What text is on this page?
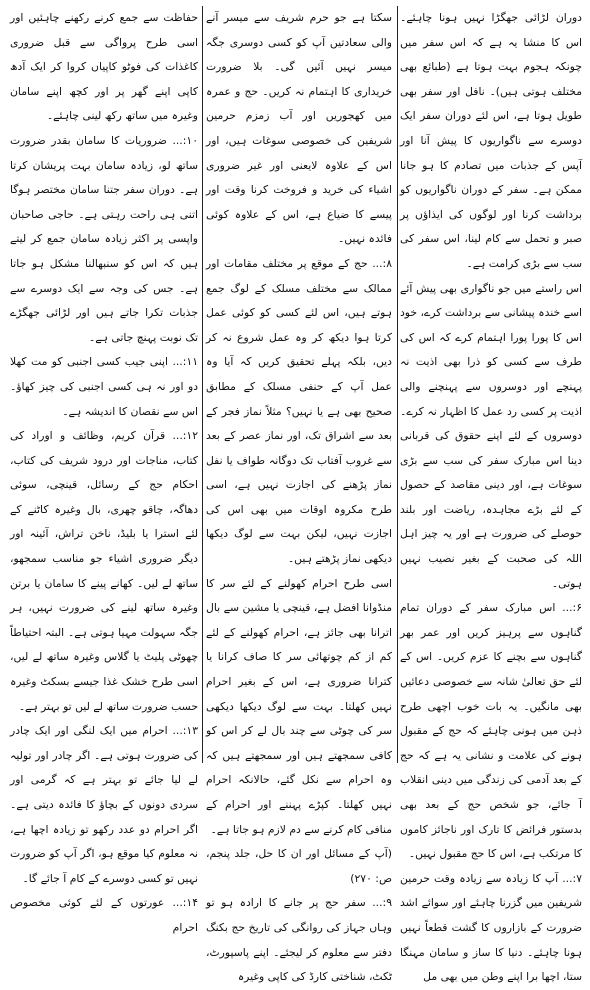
دوران لڑائی جھگڑا نہیں ہونا چاہئے۔ اس کا منشا یہ ہے کہ اس سفر میں چونکہ ہجوم بہت ہوتا ہے (طبائع بھی مختلف ہوتی ہیں)۔ نافل اور سفر بھی طویل ہوتا ہے، اس لئے دوران سفر ایک دوسرے سے ناگواریوں کا پیش آنا اور آپس کے جذبات میں تصادم کا ہو جانا ممکن ہے۔ سفر کے دوران ناگواریوں کو برداشت کرنا اور لوگوں کی ایذاؤں پر صبر و تحمل سے کام لینا، اس سفر کی سب سے بڑی کرامت ہے۔

اس راستے میں جو ناگواری بھی پیش آئے اسے خندہ پیشانی سے برداشت کرے، خود اس کا پورا پورا اہتمام کرے کہ اس کی طرف سے کسی کو ذرا بھی اذیت نہ پہنچے اور دوسروں سے پہنچنے والی اذیت پر کسی رد عمل کا اظہار نہ کرے۔ دوسروں کے لئے اپنے حقوق کی قربانی دینا اس مبارک سفر کی سب سے بڑی سوغات ہے، اور دینی مقاصد کے حصول کے لئے بڑے مجاہدہ، ریاضت اور بلند حوصلے کی ضرورت ہے اور یہ چیز اہل اللہ کی صحبت کے بغیر نصیب نہیں ہوتی۔

۶:... اس مبارک سفر کے دوران تمام گناہوں سے پرہیز کریں اور عمر بھر گناہوں سے بچنے کا عزم کریں۔ اس کے لئے حق تعالیٰ شانہ سے خصوصی دعائیں بھی مانگیں۔ یہ بات خوب اچھی طرح ذہن میں ہونی چاہئے کہ حج کے مقبول ہونے کی علامت و نشانی یہ ہے کہ حج کے بعد آدمی کی زندگی میں دینی انقلاب آ جائے، جو شخص حج کے بعد بھی بدستور فرائض کا تارک اور ناجائز کاموں کا مرتکب ہے، اس کا حج مقبول نہیں۔

۷:... آپ کا زیادہ سے زیادہ وقت حرمین شریفین میں گزرنا چاہئے اور سوائے اشد ضرورت کے بازاروں کا گشت قطعاً نہیں ہونا چاہئے۔ دنیا کا ساز و سامان مہنگا ستا، اچھا برا اپنے وطن میں بھی مل

سکتا ہے جو حرم شریف سے میسر آنے والی سعادتیں آپ کو کسی دوسری جگہ میسر نہیں آئیں گی۔ بلا ضرورت خریداری کا اہتمام نہ کریں۔ حج و عمرہ میں کھجوریں اور آب زمزم حرمین شریفین کی خصوصی سوغات ہیں، اور اس کے علاوہ لایعنی اور غیر ضروری اشیاء کی خرید و فروخت کرنا وقت اور پیسے کا ضیاع ہے، اس کے علاوہ کوئی فائدہ نہیں۔

۸:... حج کے موقع پر مختلف مقامات اور ممالک سے مختلف مسلک کے لوگ جمع ہوتے ہیں، اس لئے کسی کو کوئی عمل کرتا ہوا دیکھ کر وہ عمل شروع نہ کر دیں، بلکہ پہلے تحقیق کریں کہ آیا وہ عمل آپ کے حنفی مسلک کے مطابق صحیح بھی ہے یا نہیں؟ مثلاً نماز فجر کے بعد سے اشراق تک، اور نماز عصر کے بعد سے غروب آفتاب تک دوگانہ طواف یا نفل نماز پڑھنے کی اجازت نہیں ہے، اسی طرح مکروہ اوقات میں بھی اس کی اجازت نہیں، لیکن بہت سے لوگ دیکھا دیکھی نماز پڑھتے ہیں۔

اسی طرح احرام کھولنے کے لئے سر کا منڈوانا افضل ہے، قینچی یا مشین سے بال اترانا بھی جائز ہے، احرام کھولنے کے لئے کم از کم چوتھائی سر کا صاف کرانا یا کترانا ضروری ہے، اس کے بغیر احرام نہیں کھلتا۔ بہت سے لوگ دیکھا دیکھی سر کی چوٹی سے چند بال لے کر اس کو کافی سمجھتے ہیں اور سمجھتے ہیں کہ وہ احرام سے نکل گئے، حالانکہ احرام نہیں کھلتا۔ کپڑے پہننے اور احرام کے منافی کام کرنے سے دم لازم ہو جاتا ہے۔

(آپ کے مسائل اور ان کا حل، جلد پنجم، ص: ۲۷۰)

۹:... سفر حج پر جانے کا ارادہ ہو تو وہاں جہاز کی روانگی کی تاریخ حج بکنگ دفتر سے معلوم کر لیجئے۔ اپنے پاسپورٹ، ٹکٹ، شناختی کارڈ کی کاپی وغیرہ

حفاظت سے جمع کرنے رکھنے چاہئیں اور اسی طرح پرواگی سے قبل ضروری کاغذات کی فوٹو کاپیاں کروا کر ایک آدھ کاپی اپنے گھر پر اور کچھ اپنے سامان وغیرہ میں ساتھ رکھ لینی چاہئے۔

۱۰:... ضروریات کا سامان بقدر ضرورت ساتھ لو، زیادہ سامان بہت پریشان کرتا ہے۔ دوران سفر جتنا سامان مختصر ہوگا اتنی ہی راحت رہتی ہے۔ حاجی صاحبان واپسی پر اکثر زیادہ سامان جمع کر لیتے ہیں کہ اس کو سنبھالنا مشکل ہو جاتا ہے۔ جس کی وجہ سے ایک دوسرے سے جذبات تکرا جاتے ہیں اور لڑائی جھگڑے تک نوبت پہنچ جاتی ہے۔

۱۱:... اپنی جیب کسی اجنبی کو مت کھلا دو اور نہ ہی کسی اجنبی کی چیز کھاؤ۔ اس سے نقصان کا اندیشہ ہے۔

۱۲:... قرآن کریم، وظائف و اوراد کی کتاب، مناجات اور درود شریف کی کتاب، احکام حج کے رسائل، قینچی، سوئی دھاگہ، چاقو چھری، بال وغیرہ کاٹنے کے لئے استرا یا بلیڈ، ناخن تراش، آئینہ اور دیگر ضروری اشیاء جو مناسب سمجھو، ساتھ لے لیں۔ کھانے پینے کا سامان یا برتن وغیرہ ساتھ لینے کی ضرورت نہیں، ہر جگہ سہولت مہیا ہوتی ہے۔ البتہ احتیاطاً چھوٹی پلیٹ یا گلاس وغیرہ ساتھ لے لیں، اسی طرح خشک غذا جیسے بسکٹ وغیرہ حسب ضرورت ساتھ لے لیں تو بہتر ہے۔

۱۳:... احرام میں ایک لنگی اور ایک چادر کی ضرورت ہوتی ہے۔ اگر چادر اور تولیہ لے لیا جائے تو بہتر ہے کہ گرمی اور سردی دونوں کے بچاؤ کا فائدہ دیتی ہے۔ اگر احرام دو عدد رکھو تو زیادہ اچھا ہے، نہ معلوم کیا موقع ہو، اگر آپ کو ضرورت نہیں تو کسی دوسرے کے کام آ جائے گا۔

۱۴:... عورتوں کے لئے کوئی مخصوص احرام
